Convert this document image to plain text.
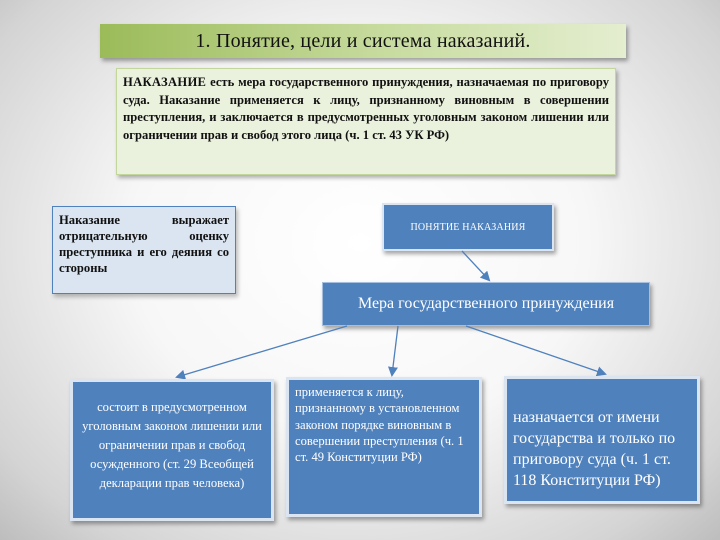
1. Понятие, цели и система наказаний.
НАКАЗАНИЕ есть мера государственного принуждения, назначаемая по приговору суда. Наказание применяется к лицу, признанному виновным в совершении преступления, и заключается в предусмотренных уголовным законом лишении или ограничении прав и свобод этого лица (ч. 1 ст. 43 УК РФ)
Наказание выражает отрицательную оценку преступника и его деяния со стороны
ПОНЯТИЕ НАКАЗАНИЯ
Мера государственного принуждения
состоит в предусмотренном уголовным законом лишении или ограничении прав и свобод осужденного (ст. 29 Всеобщей декларации прав человека)
применяется к лицу, признанному в установленном законом порядке виновным в совершении преступления (ч. 1 ст. 49 Конституции РФ)
назначается от имени государства и только по приговору суда (ч. 1 ст. 118 Конституции РФ)
